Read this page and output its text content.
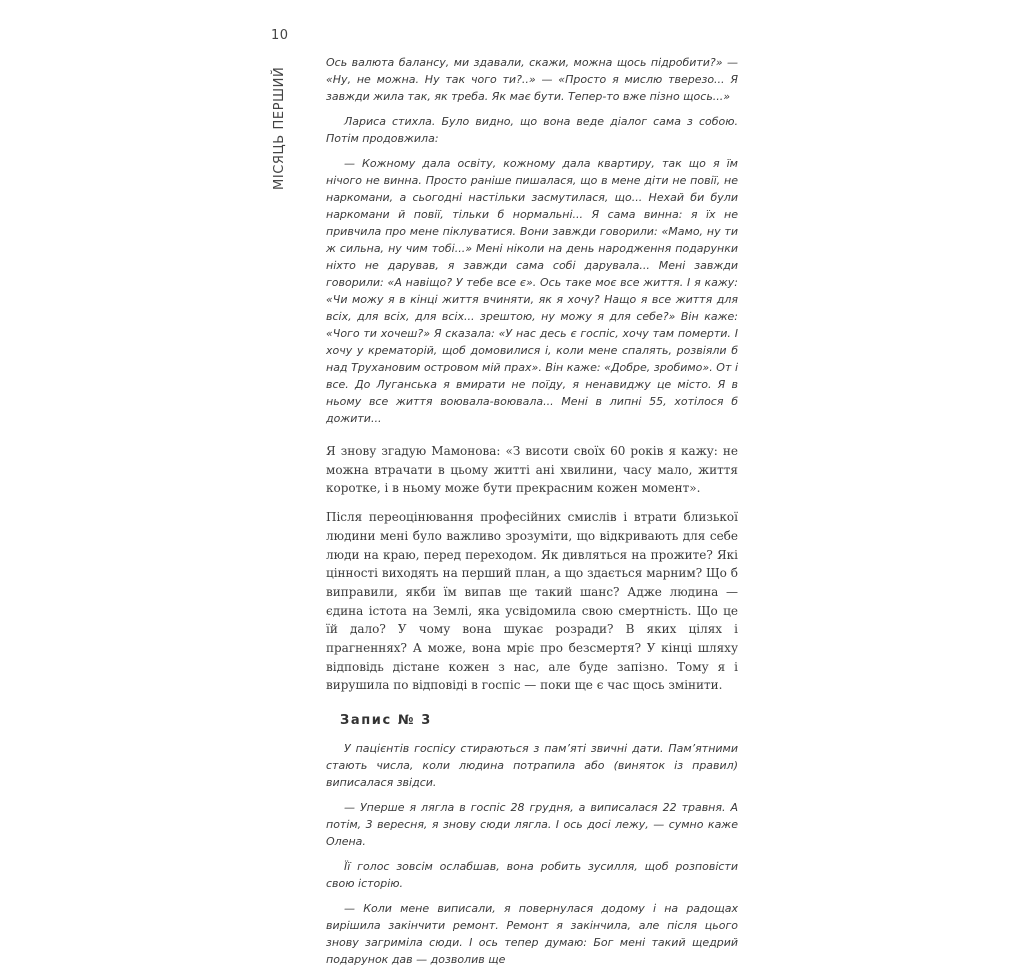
10
МІСЯЦЬ ПЕРШИЙ

Ось валюта балансу, ми здавали, скажи, можна щось підробити?» — «Ну, не можна. Ну так чого ти?..» — «Просто я мислю тверезо... Я завжди жила так, як треба. Як має бути. Тепер-то вже пізно щось...»

Лариса стихла. Було видно, що вона веде діалог сама з собою. Потім продовжила:

— Кожному дала освіту, кожному дала квартиру, так що я їм нічого не винна. Просто раніше пишалася, що в мене діти не повії, не наркомани, а сьогодні настільки засмутилася, що... Нехай би були наркомани й повії, тільки б нормальні... Я сама винна: я їх не привчила про мене піклуватися. Вони завжди говорили: «Мамо, ну ти ж сильна, ну чим тобі...» Мені ніколи на день народження подарунки ніхто не дарував, я завжди сама собі дарувала... Мені завжди говорили: «А навіщо? У тебе все є». Ось таке моє все життя. І я кажу: «Чи можу я в кінці життя вчиняти, як я хочу? Нащо я все життя для всіх, для всіх, для всіх... зрештою, ну можу я для себе?» Він каже: «Чого ти хочеш?» Я сказала: «У нас десь є госпіс, хочу там померти. І хочу у крематорій, щоб домовилися і, коли мене спалять, розвіяли б над Трухановим островом мій прах». Він каже: «Добре, зробимо». От і все. До Луганська я вмирати не поїду, я ненавиджу це місто. Я в ньому все життя воювала-воювала... Мені в липні 55, хотілося б дожити...

Я знову згадую Мамонова: «З висоти своїх 60 років я кажу: не можна втрачати в цьому житті ані хвилини, часу мало, життя коротке, і в ньому може бути прекрасним кожен момент».

Після переоцінювання професійних смислів і втрати близької людини мені було важливо зрозуміти, що відкривають для себе люди на краю, перед переходом. Як дивляться на прожите? Які цінності виходять на перший план, а що здається марним? Що б виправили, якби їм випав ще такий шанс? Адже людина — єдина істота на Землі, яка усвідомила свою смертність. Що це їй дало? У чому вона шукає розради? В яких цілях і прагненнях? А може, вона мріє про безсмертя? У кінці шляху відповідь дістане кожен з нас, але буде запізно. Тому я і вирушила по відповіді в госпіс — поки ще є час щось змінити.

Запис № 3

У пацієнтів госпісу стираються з пам’яті звичні дати. Пам’ятними стають числа, коли людина потрапила або (виняток із правил) виписалася звідси.

— Уперше я лягла в госпіс 28 грудня, а виписалася 22 травня. А потім, 3 вересня, я знову сюди лягла. І ось досі лежу, — сумно каже Олена.

Її голос зовсім ослабшав, вона робить зусилля, щоб розповісти свою історію.

— Коли мене виписали, я повернулася додому і на радощах вирішила закінчити ремонт. Ремонт я закінчила, але після цього знову загриміла сюди. І ось тепер думаю: Бог мені такий щедрий подарунок дав — дозволив ще
